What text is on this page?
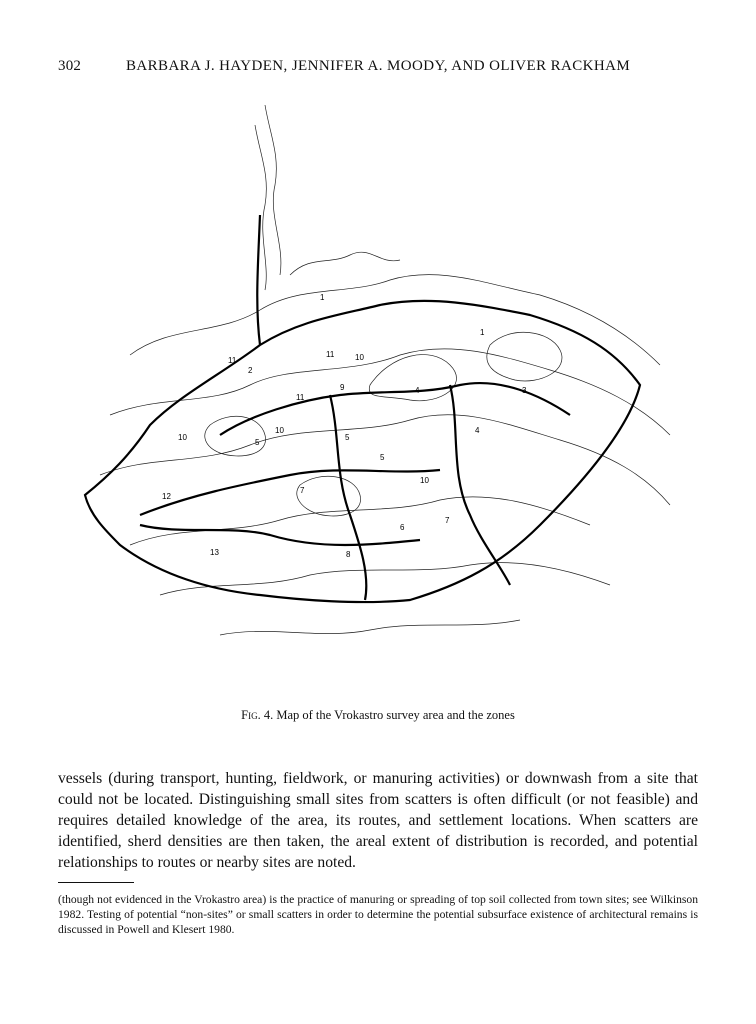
302	BARBARA J. HAYDEN, JENNIFER A. MOODY, AND OLIVER RACKHAM
1
1
2
3
4
4
5
5
5
6
7
7
8
9
10
10
10
10
11
11
11
12
13
Fig. 4. Map of the Vrokastro survey area and the zones
vessels (during transport, hunting, fieldwork, or manuring activities) or downwash from a site that could not be located. Distinguishing small sites from scatters is often difficult (or not feasible) and requires detailed knowledge of the area, its routes, and settlement locations. When scatters are identified, sherd densities are then taken, the areal extent of distribution is recorded, and potential relationships to routes or nearby sites are noted.
(though not evidenced in the Vrokastro area) is the practice of manuring or spreading of top soil collected from town sites; see Wilkinson 1982. Testing of potential “non-sites” or small scatters in order to determine the potential subsurface existence of architectural remains is discussed in Powell and Klesert 1980.
